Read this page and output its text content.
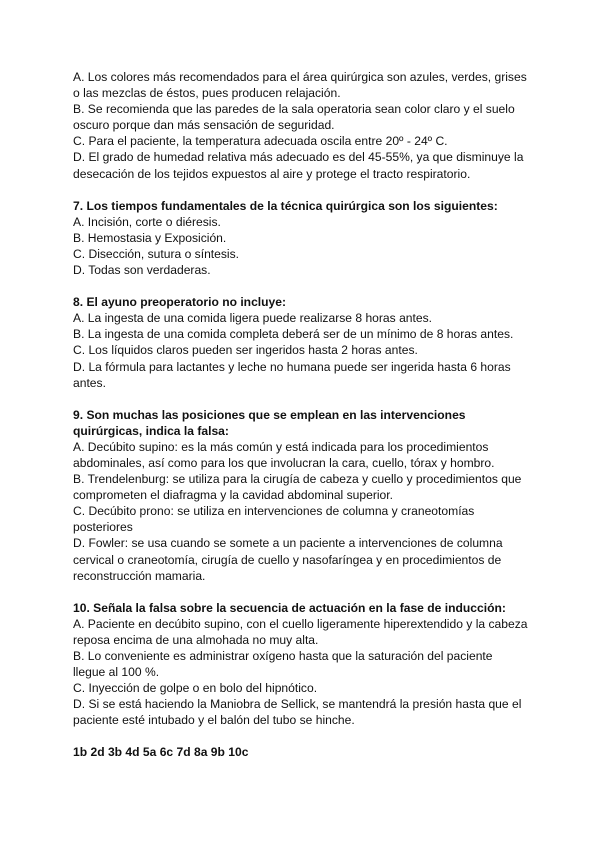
A. Los colores más recomendados para el área quirúrgica son azules, verdes, grises
o las mezclas de éstos, pues producen relajación.
B. Se recomienda que las paredes de la sala operatoria sean color claro y el suelo
oscuro porque dan más sensación de seguridad.
C. Para el paciente, la temperatura adecuada oscila entre 20º - 24º C.
D. El grado de humedad relativa más adecuado es del 45-55%, ya que disminuye la
desecación de los tejidos expuestos al aire y protege el tracto respiratorio.
7. Los tiempos fundamentales de la técnica quirúrgica son los siguientes:
A. Incisión, corte o diéresis.
B. Hemostasia y Exposición.
C. Disección, sutura o síntesis.
D. Todas son verdaderas.
8. El ayuno preoperatorio no incluye:
A. La ingesta de una comida ligera puede realizarse 8 horas antes.
B. La ingesta de una comida completa deberá ser de un mínimo de 8 horas antes.
C. Los líquidos claros pueden ser ingeridos hasta 2 horas antes.
D. La fórmula para lactantes y leche no humana puede ser ingerida hasta 6 horas
antes.
9. Son muchas las posiciones que se emplean en las intervenciones
quirúrgicas, indica la falsa:
A. Decúbito supino: es la más común y está indicada para los procedimientos
abdominales, así como para los que involucran la cara, cuello, tórax y hombro.
B. Trendelenburg: se utiliza para la cirugía de cabeza y cuello y procedimientos que
comprometen el diafragma y la cavidad abdominal superior.
C. Decúbito prono: se utiliza en intervenciones de columna y craneotomías
posteriores
D. Fowler: se usa cuando se somete a un paciente a intervenciones de columna
cervical o craneotomía, cirugía de cuello y nasofaríngea y en procedimientos de
reconstrucción mamaria.
10. Señala la falsa sobre la secuencia de actuación en la fase de inducción:
A. Paciente en decúbito supino, con el cuello ligeramente hiperextendido y la cabeza
reposa encima de una almohada no muy alta.
B. Lo conveniente es administrar oxígeno hasta que la saturación del paciente
llegue al 100 %.
C. Inyección de golpe o en bolo del hipnótico.
D. Si se está haciendo la Maniobra de Sellick, se mantendrá la presión hasta que el
paciente esté intubado y el balón del tubo se hinche.
1b 2d 3b 4d 5a 6c 7d 8a 9b 10c
